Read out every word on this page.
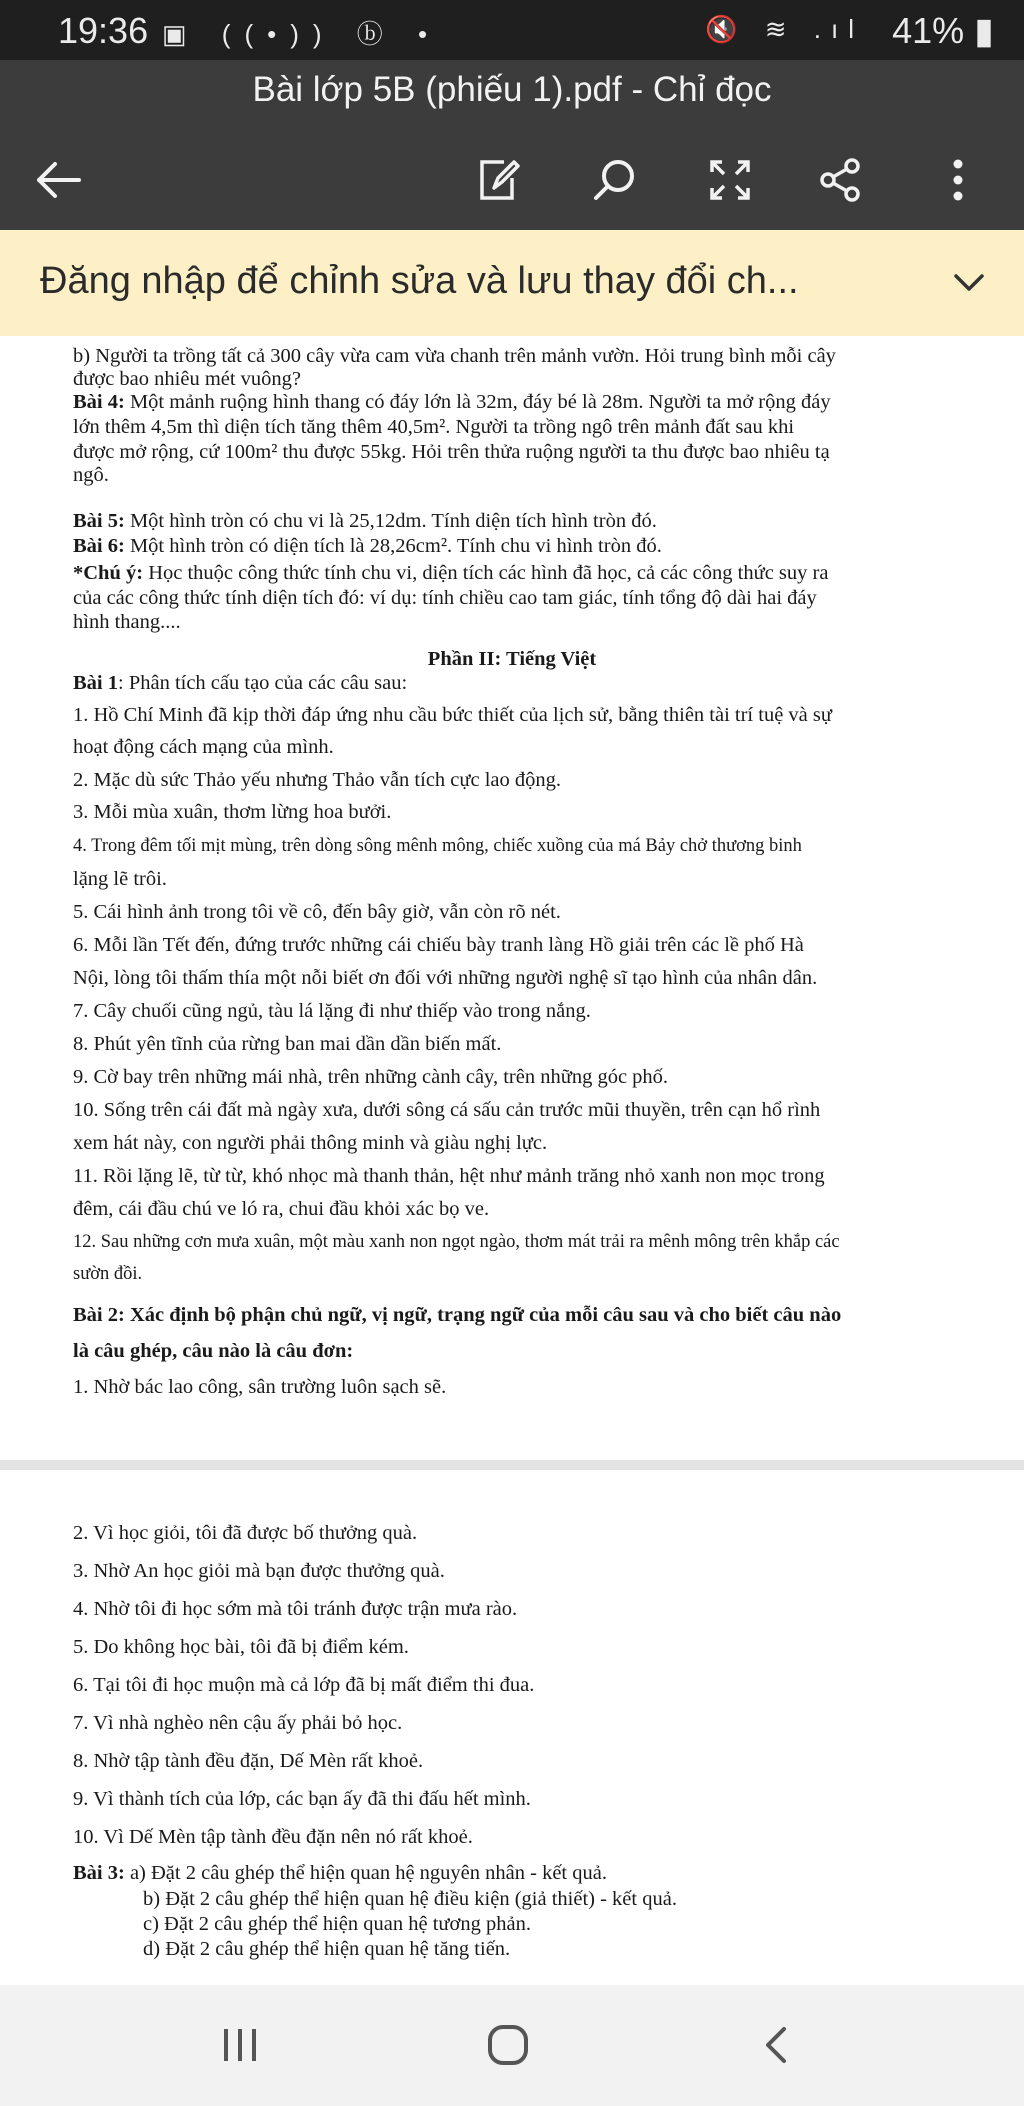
19:36 ▣ ((•)) ⓑ •	🔇 ≋ .ıl 41% ▮
Bài lớp 5B (phiếu 1).pdf - Chỉ đọc
Đăng nhập để chỉnh sửa và lưu thay đổi ch...
b) Người ta trồng tất cả 300 cây vừa cam vừa chanh trên mảnh vườn. Hỏi trung bình mỗi cây
được bao nhiêu mét vuông?
Bài 4: Một mảnh ruộng hình thang có đáy lớn là 32m, đáy bé là 28m. Người ta mở rộng đáy
lớn thêm 4,5m thì diện tích tăng thêm 40,5m². Người ta trồng ngô trên mảnh đất sau khi
được mở rộng, cứ 100m² thu được 55kg. Hỏi trên thửa ruộng người ta thu được bao nhiêu tạ
ngô.
Bài 5: Một hình tròn có chu vi là 25,12dm. Tính diện tích hình tròn đó.
Bài 6: Một hình tròn có diện tích là 28,26cm². Tính chu vi hình tròn đó.
*Chú ý: Học thuộc công thức tính chu vi, diện tích các hình đã học, cả các công thức suy ra
của các công thức tính diện tích đó: ví dụ: tính chiều cao tam giác, tính tổng độ dài hai đáy
hình thang....
Phần II: Tiếng Việt
Bài 1: Phân tích cấu tạo của các câu sau:
1. Hồ Chí Minh đã kịp thời đáp ứng nhu cầu bức thiết của lịch sử, bằng thiên tài trí tuệ và sự
hoạt động cách mạng của mình.
2. Mặc dù sức Thảo yếu nhưng Thảo vẫn tích cực lao động.
3. Mỗi mùa xuân, thơm lừng hoa bưởi.
4. Trong đêm tối mịt mùng, trên dòng sông mênh mông, chiếc xuồng của má Bảy chở thương binh
lặng lẽ trôi.
5. Cái hình ảnh trong tôi về cô, đến bây giờ, vẫn còn rõ nét.
6. Mỗi lần Tết đến, đứng trước những cái chiếu bày tranh làng Hồ giải trên các lề phố Hà
Nội, lòng tôi thấm thía một nỗi biết ơn đối với những người nghệ sĩ tạo hình của nhân dân.
7. Cây chuối cũng ngủ, tàu lá lặng đi như thiếp vào trong nắng.
8. Phút yên tĩnh của rừng ban mai dần dần biến mất.
9. Cờ bay trên những mái nhà, trên những cành cây, trên những góc phố.
10. Sống trên cái đất mà ngày xưa, dưới sông cá sấu cản trước mũi thuyền, trên cạn hổ rình
xem hát này, con người phải thông minh và giàu nghị lực.
11. Rồi lặng lẽ, từ từ, khó nhọc mà thanh thản, hệt như mảnh trăng nhỏ xanh non mọc trong
đêm, cái đầu chú ve ló ra, chui đầu khỏi xác bọ ve.
12. Sau những cơn mưa xuân, một màu xanh non ngọt ngào, thơm mát trải ra mênh mông trên khắp các
sườn đồi.
Bài 2: Xác định bộ phận chủ ngữ, vị ngữ, trạng ngữ của mỗi câu sau và cho biết câu nào
là câu ghép, câu nào là câu đơn:
1. Nhờ bác lao công, sân trường luôn sạch sẽ.
2. Vì học giỏi, tôi đã được bố thưởng quà.
3. Nhờ An học giỏi mà bạn được thưởng quà.
4. Nhờ tôi đi học sớm mà tôi tránh được trận mưa rào.
5. Do không học bài, tôi đã bị điểm kém.
6. Tại tôi đi học muộn mà cả lớp đã bị mất điểm thi đua.
7. Vì nhà nghèo nên cậu ấy phải bỏ học.
8. Nhờ tập tành đều đặn, Dế Mèn rất khoẻ.
9. Vì thành tích của lớp, các bạn ấy đã thi đấu hết mình.
10. Vì Dế Mèn tập tành đều đặn nên nó rất khoẻ.
Bài 3: a) Đặt 2 câu ghép thể hiện quan hệ nguyên nhân - kết quả.
b) Đặt 2 câu ghép thể hiện quan hệ điều kiện (giả thiết) - kết quả.
c) Đặt 2 câu ghép thể hiện quan hệ tương phản.
d) Đặt 2 câu ghép thể hiện quan hệ tăng tiến.
